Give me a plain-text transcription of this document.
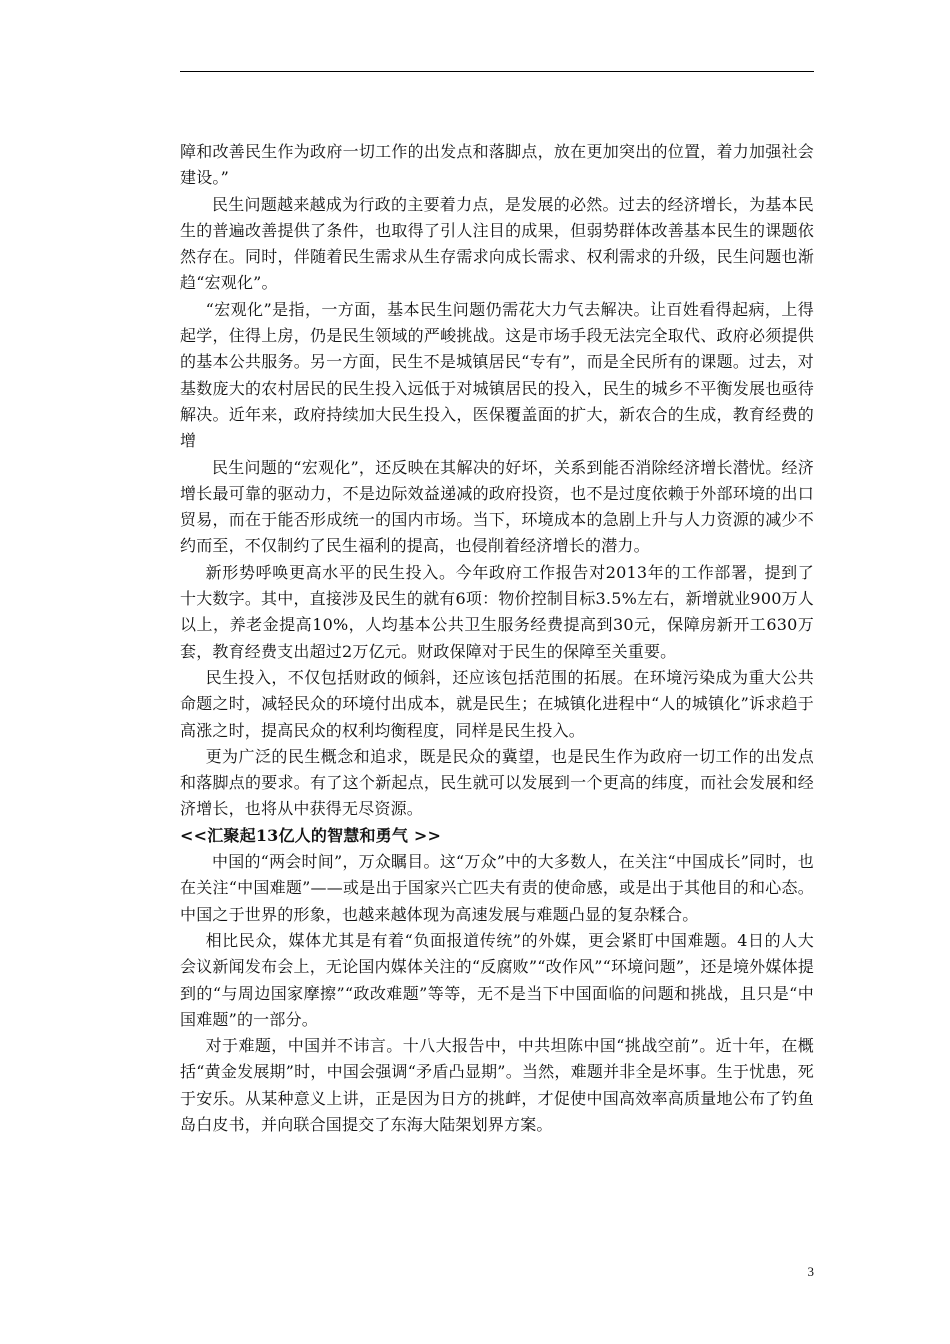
障和改善民生作为政府一切工作的出发点和落脚点，放在更加突出的位置，着力加强社会建设。”

民生问题越来越成为行政的主要着力点，是发展的必然。过去的经济增长，为基本民生的普遍改善提供了条件，也取得了引人注目的成果，但弱势群体改善基本民生的课题依然存在。同时，伴随着民生需求从生存需求向成长需求、权利需求的升级，民生问题也渐趋“宏观化”。

“宏观化”是指，一方面，基本民生问题仍需花大力气去解决。让百姓看得起病，上得起学，住得上房，仍是民生领域的严峻挑战。这是市场手段无法完全取代、政府必须提供的基本公共服务。另一方面，民生不是城镇居民“专有”，而是全民所有的课题。过去，对基数庞大的农村居民的民生投入远低于对城镇居民的投入，民生的城乡不平衡发展也亟待解决。近年来，政府持续加大民生投入，医保覆盖面的扩大，新农合的生成，教育经费的增

民生问题的“宏观化”，还反映在其解决的好坏，关系到能否消除经济增长潜忧。经济增长最可靠的驱动力，不是边际效益递减的政府投资，也不是过度依赖于外部环境的出口贸易，而在于能否形成统一的国内市场。当下，环境成本的急剧上升与人力资源的减少不约而至，不仅制约了民生福利的提高，也侵削着经济增长的潜力。

新形势呼唤更高水平的民生投入。今年政府工作报告对2013年的工作部署，提到了十大数字。其中，直接涉及民生的就有6项：物价控制目标3.5%左右，新增就业900万人以上，养老金提高10%，人均基本公共卫生服务经费提高到30元，保障房新开工630万套，教育经费支出超过2万亿元。财政保障对于民生的保障至关重要。

民生投入，不仅包括财政的倾斜，还应该包括范围的拓展。在环境污染成为重大公共命题之时，减轻民众的环境付出成本，就是民生；在城镇化进程中“人的城镇化”诉求趋于高涨之时，提高民众的权利均衡程度，同样是民生投入。

更为广泛的民生概念和追求，既是民众的冀望，也是民生作为政府一切工作的出发点和落脚点的要求。有了这个新起点，民生就可以发展到一个更高的纬度，而社会发展和经济增长，也将从中获得无尽资源。

<<汇聚起13亿人的智慧和勇气 >>

中国的“两会时间”，万众瞩目。这“万众”中的大多数人，在关注“中国成长”同时，也在关注“中国难题”——或是出于国家兴亡匹夫有责的使命感，或是出于其他目的和心态。中国之于世界的形象，也越来越体现为高速发展与难题凸显的复杂糅合。

相比民众，媒体尤其是有着“负面报道传统”的外媒，更会紧盯中国难题。4日的人大会议新闻发布会上，无论国内媒体关注的“反腐败”“改作风”“环境问题”，还是境外媒体提到的“与周边国家摩擦”“政改难题”等等，无不是当下中国面临的问题和挑战，且只是“中国难题”的一部分。

对于难题，中国并不讳言。十八大报告中，中共坦陈中国“挑战空前”。近十年，在概括“黄金发展期”时，中国会强调“矛盾凸显期”。当然，难题并非全是坏事。生于忧患，死于安乐。从某种意义上讲，正是因为日方的挑衅，才促使中国高效率高质量地公布了钓鱼岛白皮书，并向联合国提交了东海大陆架划界方案。

3
